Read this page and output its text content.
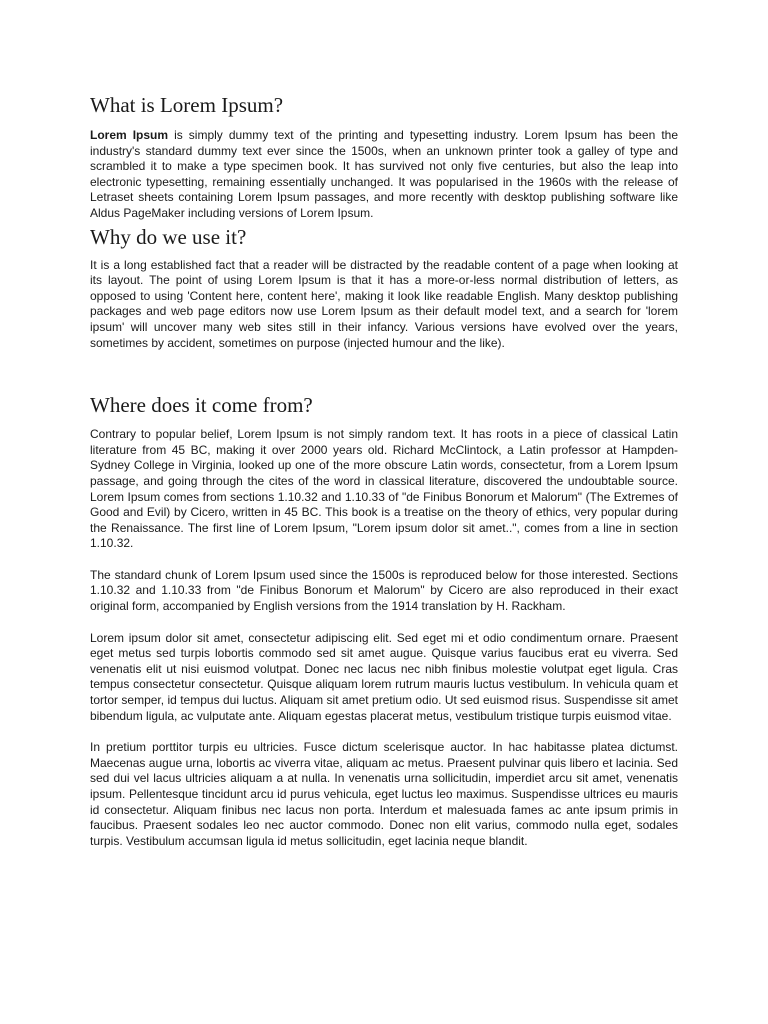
What is Lorem Ipsum?

Lorem Ipsum is simply dummy text of the printing and typesetting industry. Lorem Ipsum has been the industry's standard dummy text ever since the 1500s, when an unknown printer took a galley of type and scrambled it to make a type specimen book. It has survived not only five centuries, but also the leap into electronic typesetting, remaining essentially unchanged. It was popularised in the 1960s with the release of Letraset sheets containing Lorem Ipsum passages, and more recently with desktop publishing software like Aldus PageMaker including versions of Lorem Ipsum.

Why do we use it?

It is a long established fact that a reader will be distracted by the readable content of a page when looking at its layout. The point of using Lorem Ipsum is that it has a more-or-less normal distribution of letters, as opposed to using 'Content here, content here', making it look like readable English. Many desktop publishing packages and web page editors now use Lorem Ipsum as their default model text, and a search for 'lorem ipsum' will uncover many web sites still in their infancy. Various versions have evolved over the years, sometimes by accident, sometimes on purpose (injected humour and the like).

Where does it come from?

Contrary to popular belief, Lorem Ipsum is not simply random text. It has roots in a piece of classical Latin literature from 45 BC, making it over 2000 years old. Richard McClintock, a Latin professor at Hampden-Sydney College in Virginia, looked up one of the more obscure Latin words, consectetur, from a Lorem Ipsum passage, and going through the cites of the word in classical literature, discovered the undoubtable source. Lorem Ipsum comes from sections 1.10.32 and 1.10.33 of "de Finibus Bonorum et Malorum" (The Extremes of Good and Evil) by Cicero, written in 45 BC. This book is a treatise on the theory of ethics, very popular during the Renaissance. The first line of Lorem Ipsum, "Lorem ipsum dolor sit amet..", comes from a line in section 1.10.32.

The standard chunk of Lorem Ipsum used since the 1500s is reproduced below for those interested. Sections 1.10.32 and 1.10.33 from "de Finibus Bonorum et Malorum" by Cicero are also reproduced in their exact original form, accompanied by English versions from the 1914 translation by H. Rackham.

Lorem ipsum dolor sit amet, consectetur adipiscing elit. Sed eget mi et odio condimentum ornare. Praesent eget metus sed turpis lobortis commodo sed sit amet augue. Quisque varius faucibus erat eu viverra. Sed venenatis elit ut nisi euismod volutpat. Donec nec lacus nec nibh finibus molestie volutpat eget ligula. Cras tempus consectetur consectetur. Quisque aliquam lorem rutrum mauris luctus vestibulum. In vehicula quam et tortor semper, id tempus dui luctus. Aliquam sit amet pretium odio. Ut sed euismod risus. Suspendisse sit amet bibendum ligula, ac vulputate ante. Aliquam egestas placerat metus, vestibulum tristique turpis euismod vitae.

In pretium porttitor turpis eu ultricies. Fusce dictum scelerisque auctor. In hac habitasse platea dictumst. Maecenas augue urna, lobortis ac viverra vitae, aliquam ac metus. Praesent pulvinar quis libero et lacinia. Sed sed dui vel lacus ultricies aliquam a at nulla. In venenatis urna sollicitudin, imperdiet arcu sit amet, venenatis ipsum. Pellentesque tincidunt arcu id purus vehicula, eget luctus leo maximus. Suspendisse ultrices eu mauris id consectetur. Aliquam finibus nec lacus non porta. Interdum et malesuada fames ac ante ipsum primis in faucibus. Praesent sodales leo nec auctor commodo. Donec non elit varius, commodo nulla eget, sodales turpis. Vestibulum accumsan ligula id metus sollicitudin, eget lacinia neque blandit.
